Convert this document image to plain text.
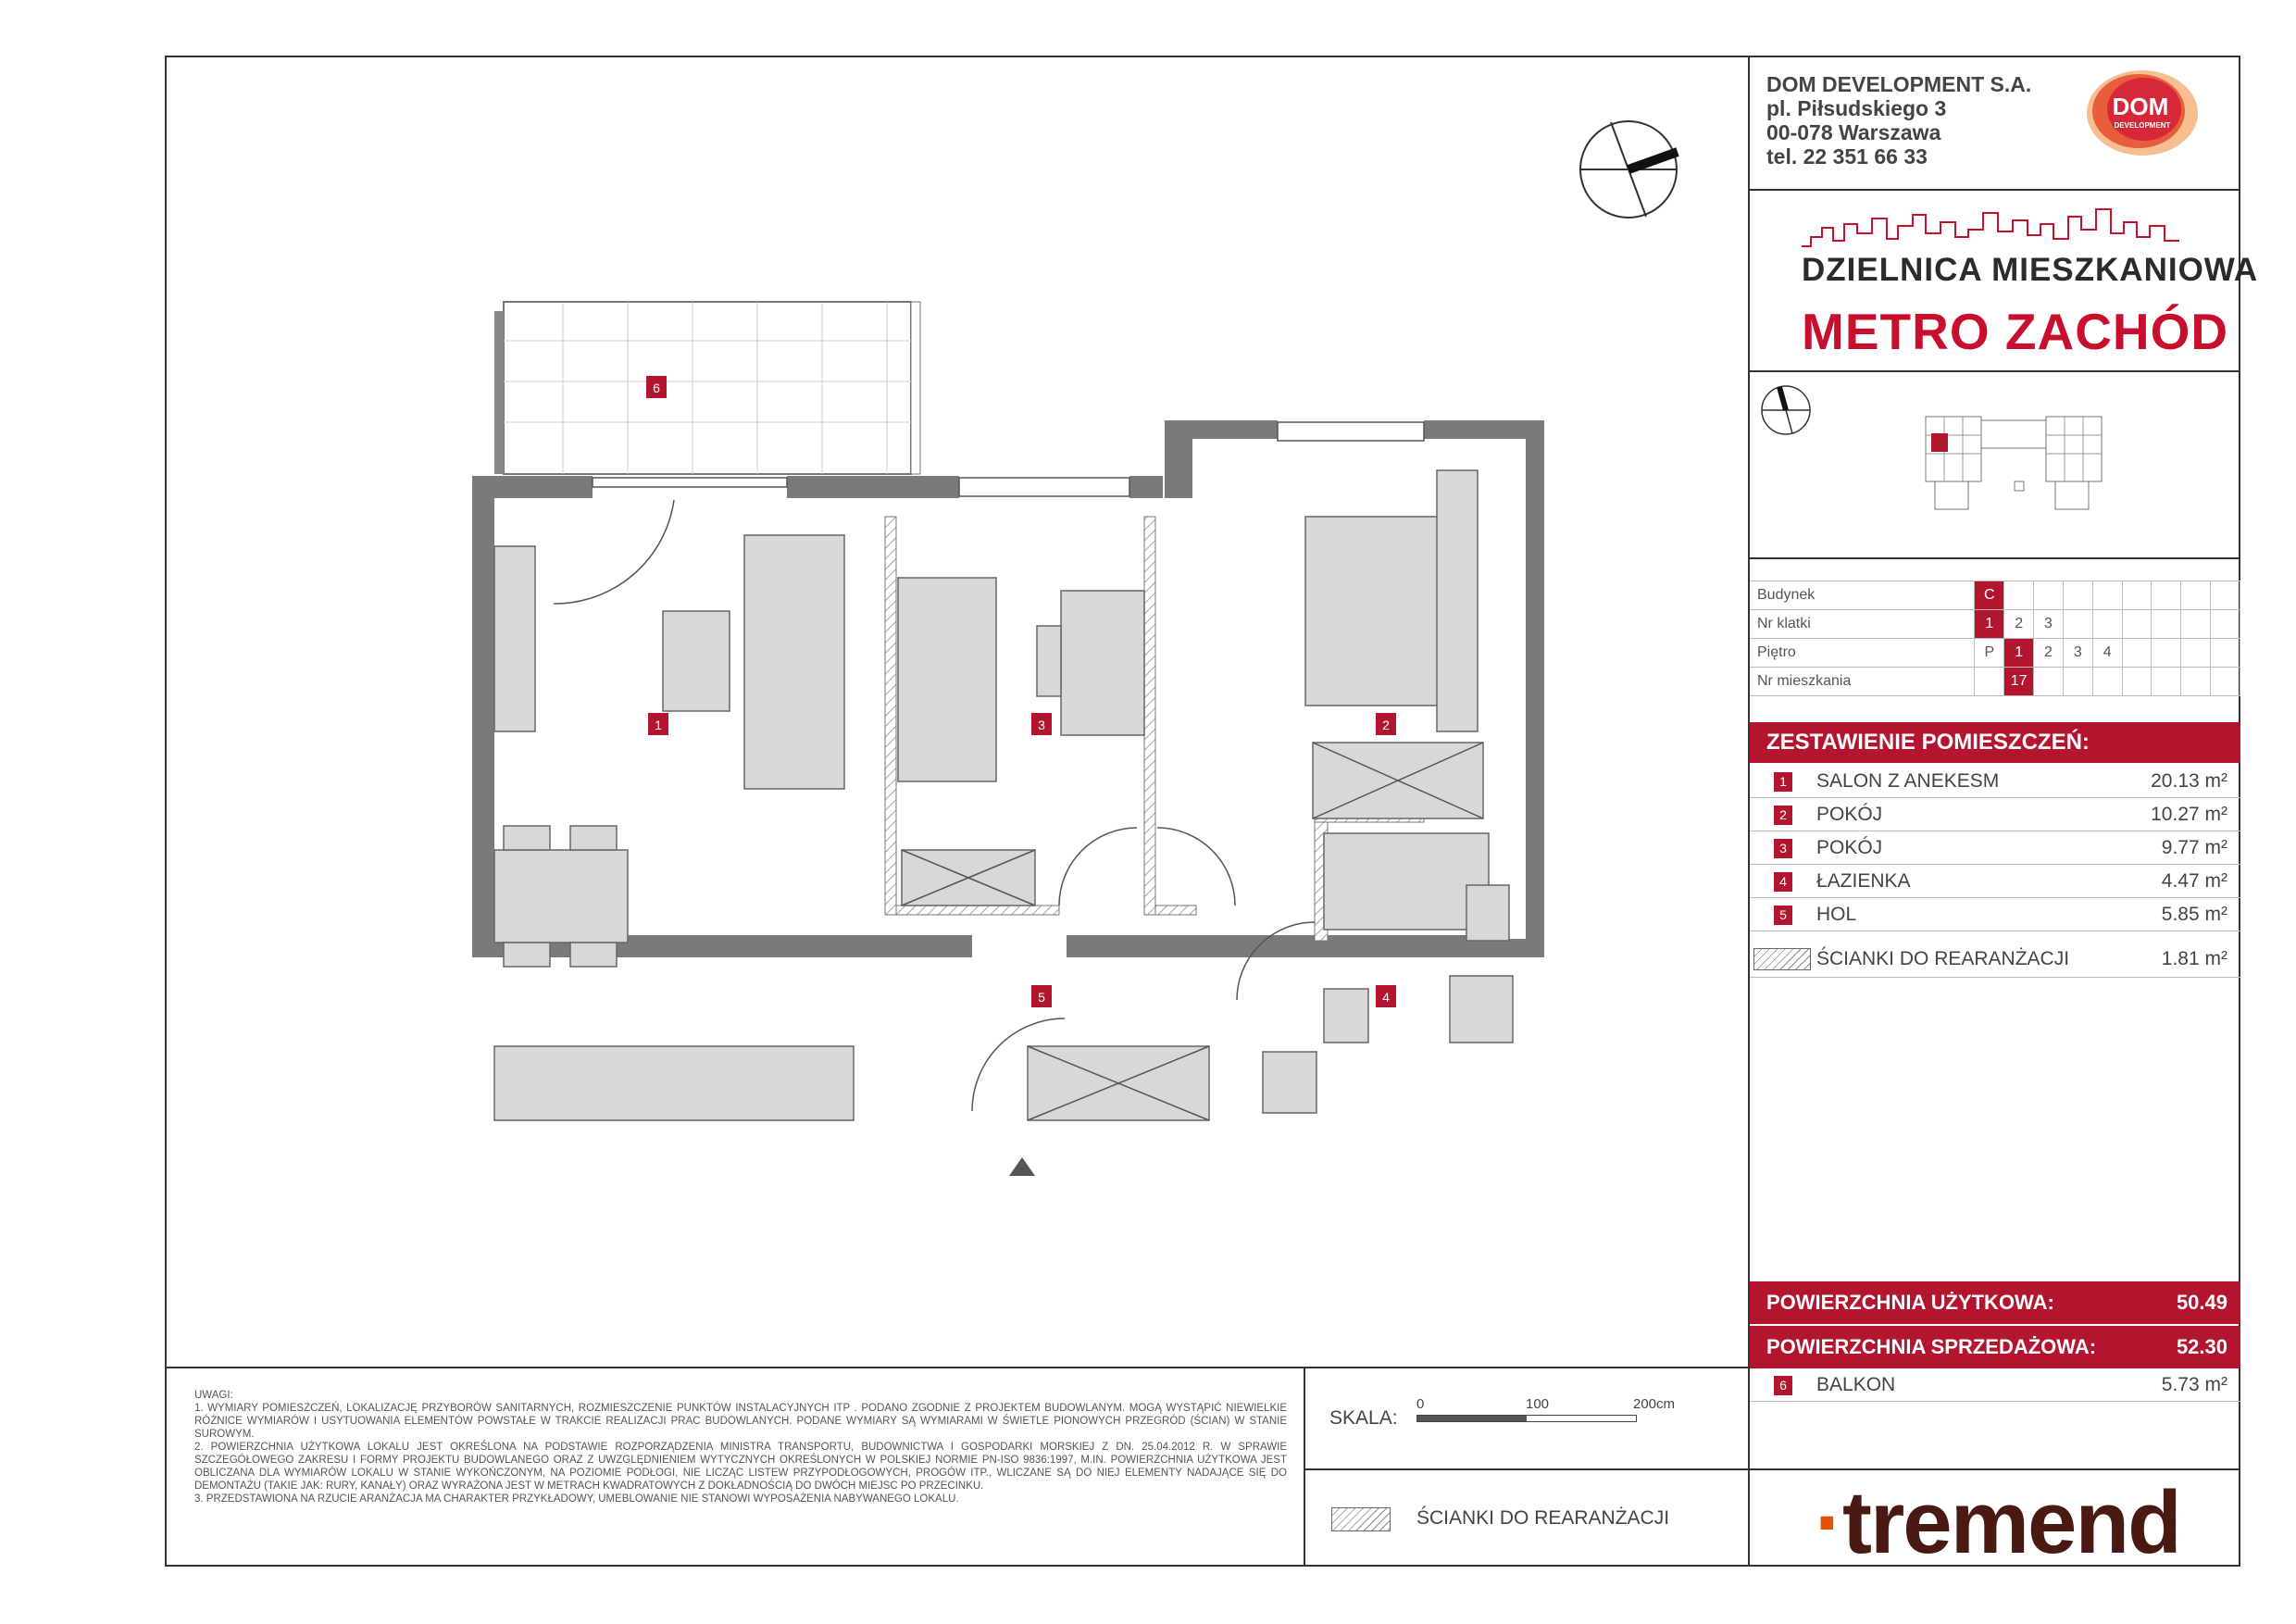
DOM DEVELOPMENT S.A.
pl. Piłsudskiego 3
00-078 Warszawa
tel. 22 351 66 33
DOM
DEVELOPMENT
DZIELNICA MIESZKANIOWA
METRO ZACHÓD
Budynek	C								
Nr klatki	1	2	3						
Piętro	P	1	2	3	4				
Nr mieszkania		17							
ZESTAWIENIE POMIESZCZEŃ:
1 SALON Z ANEKESM	20.13 m²
2 POKÓJ	10.27 m²
3 POKÓJ	9.77 m²
4 ŁAZIENKA	4.47 m²
5 HOL	5.85 m²
ŚCIANKI DO REARANŻACJI	1.81 m²
POWIERZCHNIA UŻYTKOWA:	50.49
POWIERZCHNIA SPRZEDAŻOWA:	52.30
6 BALKON	5.73 m²
UWAGI:
1. WYMIARY POMIESZCZEŃ, LOKALIZACJĘ PRZYBORÓW SANITARNYCH, ROZMIESZCZENIE PUNKTÓW INSTALACYJNYCH ITP . PODANO ZGODNIE Z PROJEKTEM BUDOWLANYM. MOGĄ WYSTĄPIĆ NIEWIELKIE RÓŻNICE WYMIARÓW I USYTUOWANIA ELEMENTÓW POWSTAŁE W TRAKCIE REALIZACJI PRAC BUDOWLANYCH. PODANE WYMIARY SĄ WYMIARAMI W ŚWIETLE PIONOWYCH PRZEGRÓD (ŚCIAN) W STANIE SUROWYM.
2. POWIERZCHNIA UŻYTKOWA LOKALU JEST OKREŚLONA NA PODSTAWIE ROZPORZĄDZENIA MINISTRA TRANSPORTU, BUDOWNICTWA I GOSPODARKI MORSKIEJ Z DN. 25.04.2012 R. W SPRAWIE SZCZEGÓŁOWEGO ZAKRESU I FORMY PROJEKTU BUDOWLANEGO ORAZ Z UWZGLĘDNIENIEM WYTYCZNYCH OKREŚLONYCH W POLSKIEJ NORMIE PN-ISO 9836:1997, M.IN. POWIERZCHNIA UŻYTKOWA JEST OBLICZANA DLA WYMIARÓW LOKALU W STANIE WYKOŃCZONYM, NA POZIOMIE PODŁOGI, NIE LICZĄC LISTEW PRZYPODŁOGOWYCH, PROGÓW ITP., WLICZANE SĄ DO NIEJ ELEMENTY NADAJĄCE SIĘ DO DEMONTAŻU (TAKIE JAK: RURY, KANAŁY) ORAZ WYRAŻONA JEST W METRACH KWADRATOWYCH Z DOKŁADNOŚCIĄ DO DWÓCH MIEJSC PO PRZECINKU.
3. PRZEDSTAWIONA NA RZUCIE ARANŻACJA MA CHARAKTER PRZYKŁADOWY, UMEBLOWANIE NIE STANOWI WYPOSAŻENIA NABYWANEGO LOKALU.
SKALA:
0	100	200cm
ŚCIANKI DO REARANŻACJI ·tremend
1	2
3
4
5
6
